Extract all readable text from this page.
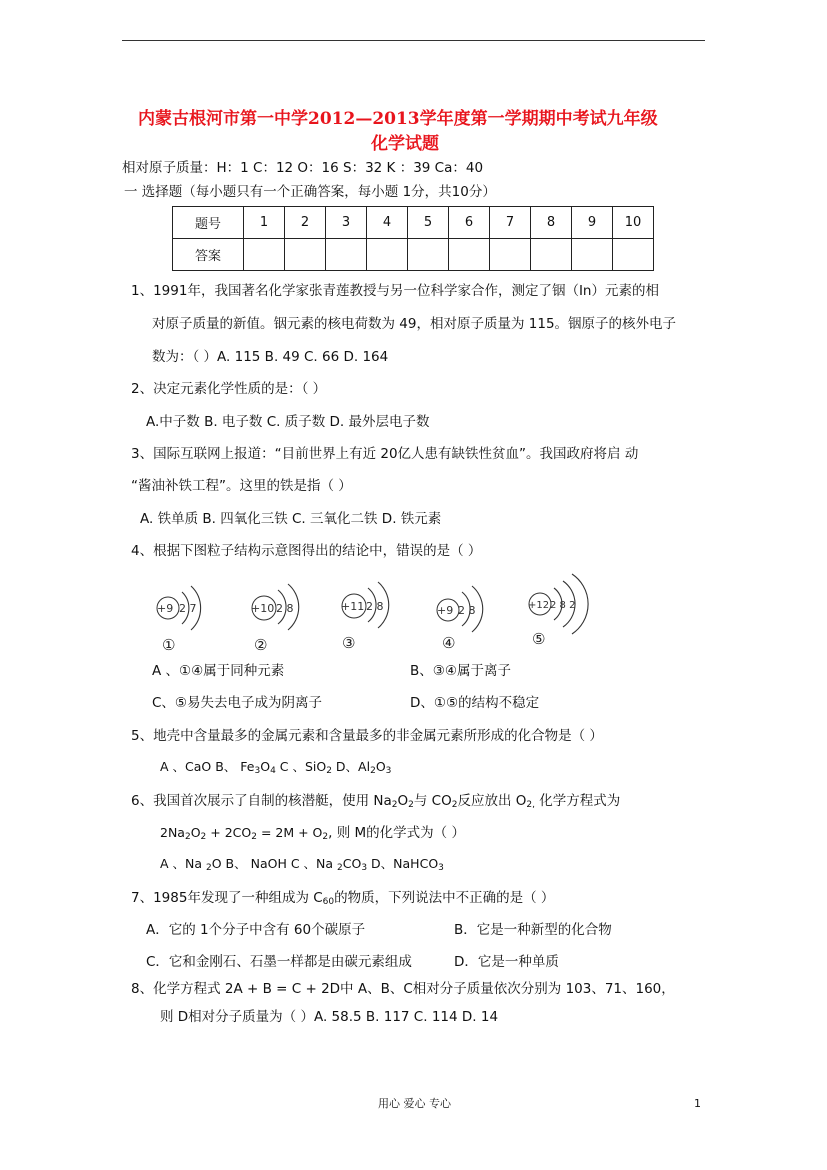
内蒙古根河市第一中学2012—2013学年度第一学期期中考试九年级
化学试题
相对原子质量：H：1 C：12 O：16 S：32 K ：39 Ca：40
一 选择题（每小题只有一个正确答案，每小题 1分，共10分）
题号	1	2	3	4	5	6	7	8	9	10
答案										
1、1991年，我国著名化学家张青莲教授与另一位科学家合作，测定了铟（In）元素的相
对原子质量的新值。铟元素的核电荷数为 49，相对原子质量为 115。铟原子的核外电子
数为：（ ）A. 115 B. 49 C. 66 D. 164
2、决定元素化学性质的是：（ ）
A.中子数 B. 电子数 C. 质子数 D. 最外层电子数
3、国际互联网上报道：“目前世界上有近 20亿人患有缺铁性贫血”。我国政府将启 动
“酱油补铁工程”。这里的铁是指（ ）
A. 铁单质 B. 四氧化三铁 C. 三氧化二铁 D. 铁元素
4、根据下图粒子结构示意图得出的结论中，错误的是（ ）
+9 2 7
①
+10 2 8
②
+11 2 8
③
+9 2 8
④
+12 2 8 2
⑤
A 、①④属于同种元素	B、③④属于离子
C、⑤易失去电子成为阴离子	D、①⑤的结构不稳定
5、地壳中含量最多的金属元素和含量最多的非金属元素所形成的化合物是（ ）
A 、CaO B、 $Fe_3O_4$ C 、SiO$_2$ D、$Al_2O_3$
6、我国首次展示了自制的核潜艇，使用 $Na_2O_2$与 $CO_2$反应放出 $O_{2,}$ 化学方程式为
$2Na_2O_2 + 2CO_2 = 2M + O_2$, 则 M的化学式为（ ）
A 、Na $_2$O B、 NaOH C 、Na $_2CO_3$ D、NaHCO$_3$
7、1985年发现了一种组成为 $C_{60}$的物质，下列说法中不正确的是（ ）
A．它的 1个分子中含有 60个碳原子	B．它是一种新型的化合物
C．它和金刚石、石墨一样都是由碳元素组成	D．它是一种单质
8、化学方程式 2A + B = C + 2D中 A、B、C相对分子质量依次分别为 103、71、160，
则 D相对分子质量为（ ）A. 58.5 B. 117 C. 114 D. 14
用心 爱心 专心	1
